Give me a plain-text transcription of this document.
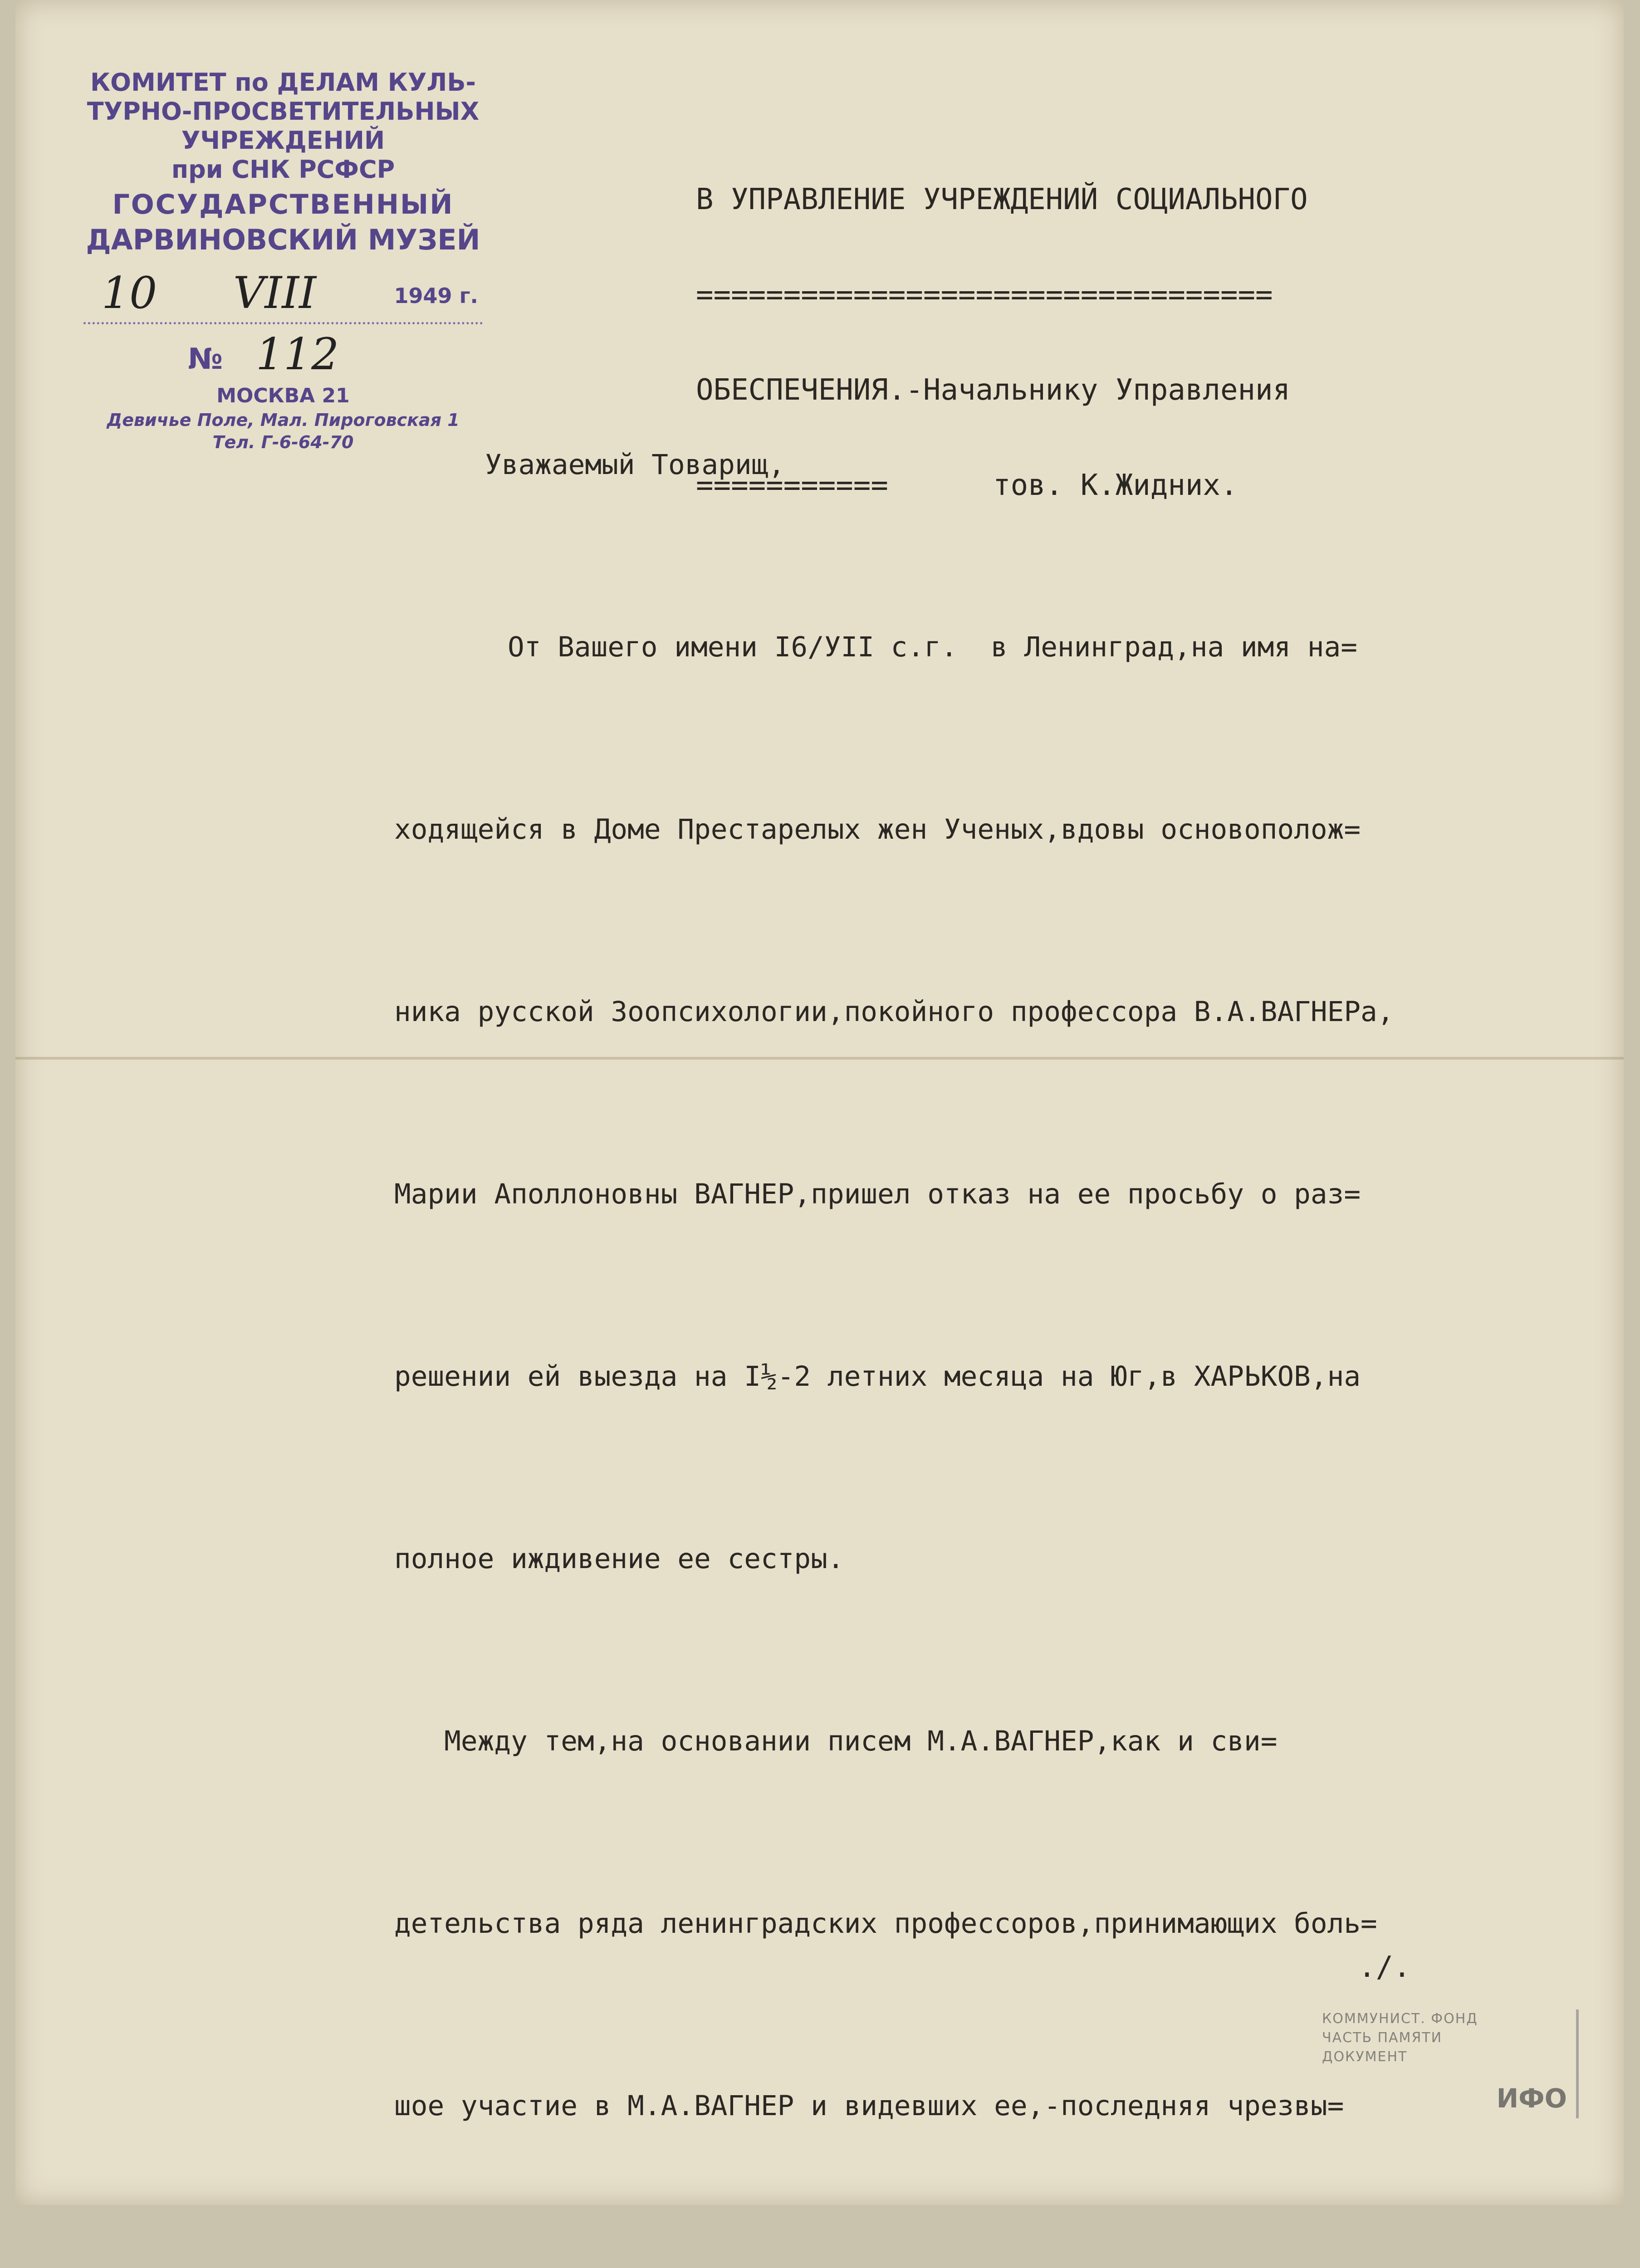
КОМИТЕТ по ДЕЛАМ КУЛЬ-
ТУРНО-ПРОСВЕТИТЕЛЬНЫХ
УЧРЕЖДЕНИЙ
при СНК РСФСР
ГОСУДАРСТВЕННЫЙ
ДАРВИНОВСКИЙ МУЗЕЙ
10 VIII	1949 г.
№ 112
МОСКВА 21
Девичье Поле, Мал. Пироговская 1
Тел. Г-6-64-70

В УПРАВЛЕНИЕ УЧРЕЖДЕНИЙ СОЦИАЛЬНОГО

=================================

ОБЕСПЕЧЕНИЯ.-Начальнику Управления

===========	тов. К.Жидних.

Уважаемый Товарищ,

От Вашего имени I6/УII с.г.  в Ленинград,на имя на=

ходящейся в Доме Престарелых жен Ученых,вдовы основополож=

ника русской Зоопсихологии,покойного профессора В.А.ВАГНЕРа,

Марии Аполлоновны ВАГНЕР,пришел отказ на ее просьбу о раз=

решении ей выезда на I½-2 летних месяца на Юг,в ХАРЬКОВ,на

полное иждивение ее сестры.

Между тем,на основании писем М.А.ВАГНЕР,как и сви=

детельства ряда ленинградских профессоров,принимающих боль=

шое участие в М.А.ВАГНЕР и видевших ее,-последняя чрезвы=

./.
КОММУНИСТ. ФОНД
ЧАСТЬ ПАМЯТИ
ДОКУМЕНТ
ИФО
